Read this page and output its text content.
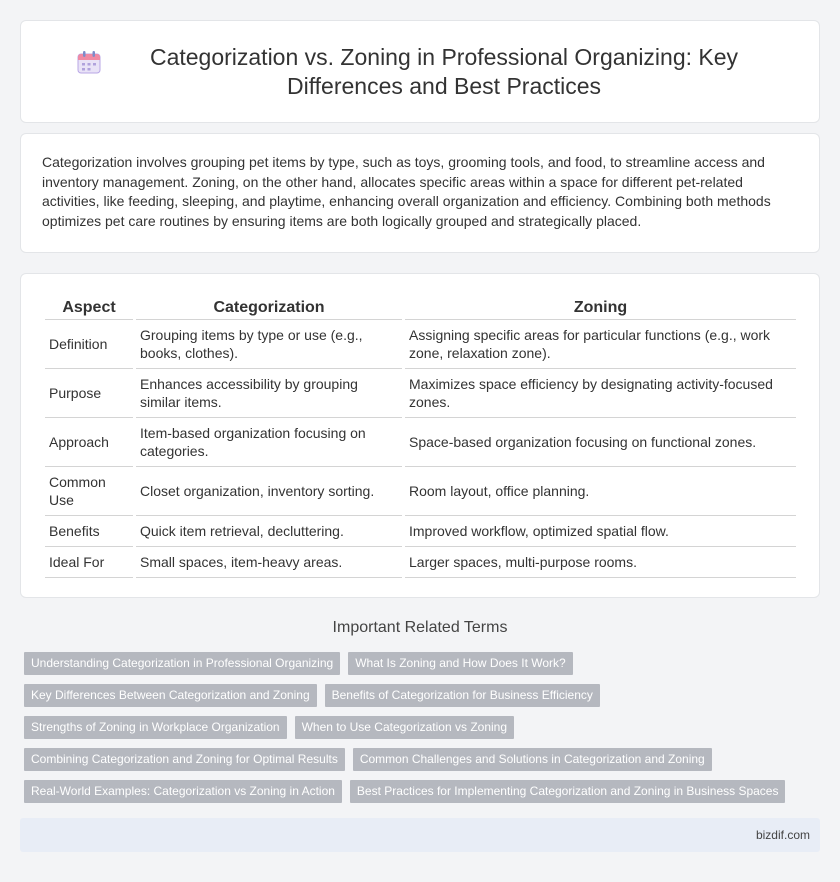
Categorization vs. Zoning in Professional Organizing: Key Differences and Best Practices

Categorization involves grouping pet items by type, such as toys, grooming tools, and food, to streamline access and inventory management. Zoning, on the other hand, allocates specific areas within a space for different pet-related activities, like feeding, sleeping, and playtime, enhancing overall organization and efficiency. Combining both methods optimizes pet care routines by ensuring items are both logically grouped and strategically placed.

Aspect	Categorization	Zoning
Definition	Grouping items by type or use (e.g., books, clothes).	Assigning specific areas for particular functions (e.g., work zone, relaxation zone).
Purpose	Enhances accessibility by grouping similar items.	Maximizes space efficiency by designating activity-focused zones.
Approach	Item-based organization focusing on categories.	Space-based organization focusing on functional zones.
Common Use	Closet organization, inventory sorting.	Room layout, office planning.
Benefits	Quick item retrieval, decluttering.	Improved workflow, optimized spatial flow.
Ideal For	Small spaces, item-heavy areas.	Larger spaces, multi-purpose rooms.
Important Related Terms
Understanding Categorization in Professional Organizing	What Is Zoning and How Does It Work?
Key Differences Between Categorization and Zoning	Benefits of Categorization for Business Efficiency
Strengths of Zoning in Workplace Organization	When to Use Categorization vs Zoning
Combining Categorization and Zoning for Optimal Results	Common Challenges and Solutions in Categorization and Zoning
Real-World Examples: Categorization vs Zoning in Action	Best Practices for Implementing Categorization and Zoning in Business Spaces
bizdif.com
